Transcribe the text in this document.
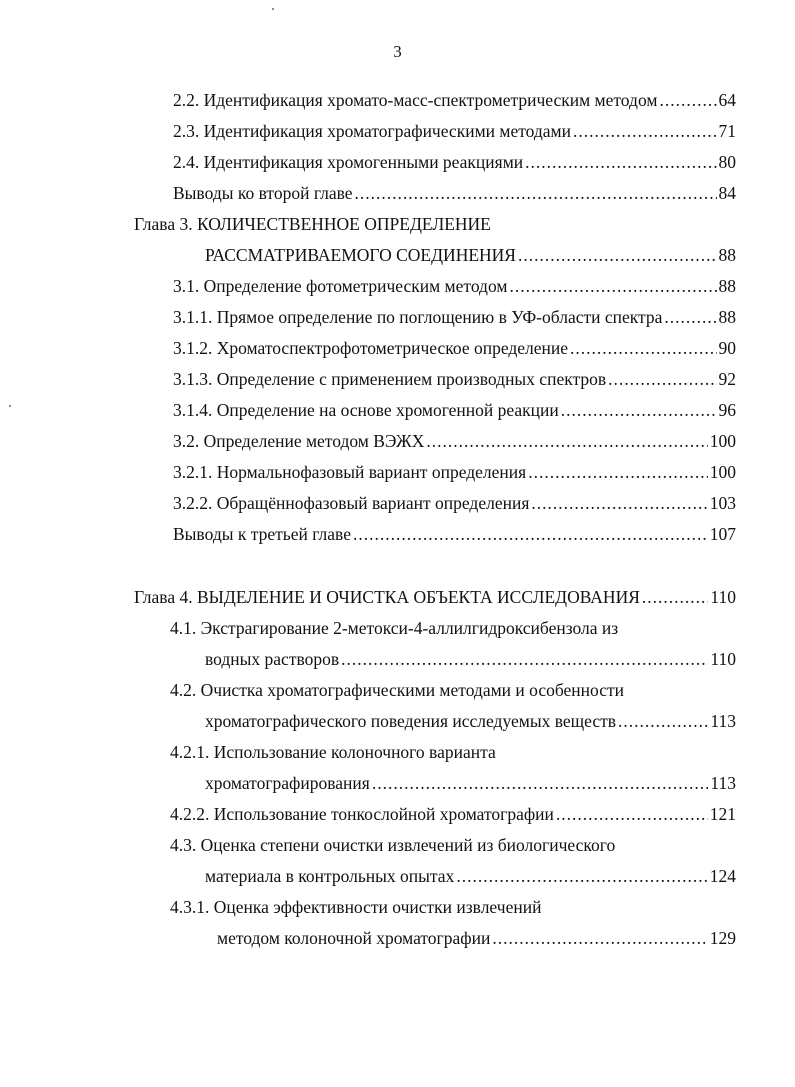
3
2.2. Идентификация хромато-масс-спектрометрическим методом .....	64
2.3. Идентификация хроматографическими методами .....	71
2.4. Идентификация хромогенными реакциями .....	80
Выводы ко второй главе .....	84
Глава 3. КОЛИЧЕСТВЕННОЕ ОПРЕДЕЛЕНИЕ
РАССМАТРИВАЕМОГО СОЕДИНЕНИЯ .....	88
3.1. Определение фотометрическим методом .....	88
3.1.1. Прямое определение по поглощению в УФ-области спектра .....	88
3.1.2. Хроматоспектрофотометрическое определение .....	90
3.1.3. Определение с применением производных спектров .....	92
3.1.4. Определение на основе хромогенной реакции .....	96
3.2. Определение методом ВЭЖХ .....	100
3.2.1. Нормальнофазовый вариант определения .....	100
3.2.2. Обращённофазовый вариант определения .....	103
Выводы к третьей главе .....	107
Глава 4. ВЫДЕЛЕНИЕ И ОЧИСТКА ОБЪЕКТА ИССЛЕДОВАНИЯ .....	110
4.1. Экстрагирование 2-метокси-4-аллилгидроксибензола из
водных растворов .....	110
4.2. Очистка хроматографическими методами и особенности
хроматографического поведения исследуемых веществ .....	113
4.2.1. Использование колоночного варианта
хроматографирования .....	113
4.2.2. Использование тонкослойной хроматографии .....	121
4.3. Оценка степени очистки извлечений из биологического
материала в контрольных опытах .....	124
4.3.1. Оценка эффективности очистки извлечений
методом колоночной хроматографии .....	129
